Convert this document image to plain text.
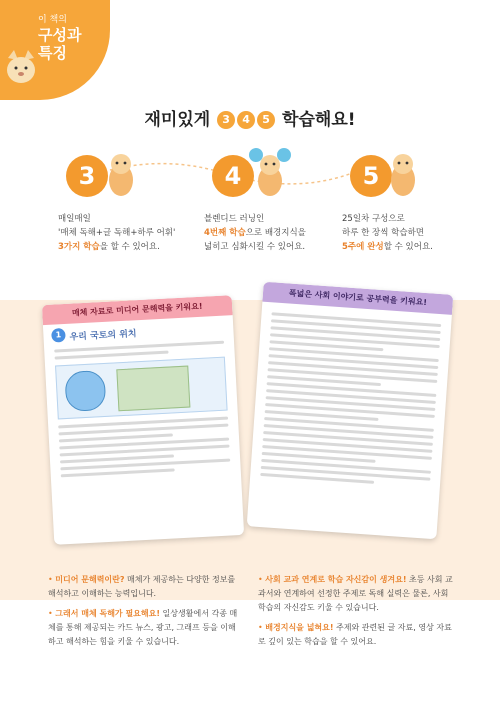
이 책의
구성과 특징
재미있게 3 4 5 학습해요!
3
매일매일
'매체 독해+글 독해+하루 어휘'
3가지 학습을 할 수 있어요.
4
블렌디드 러닝인
4번째 학습으로 배경지식을
넓히고 심화시킬 수 있어요.
5
25일차 구성으로
하루 한 장씩 학습하면
5주에 완성할 수 있어요.
매체 자료로 미디어 문해력을 키워요!
1 우리 국토의 위치
폭넓은 사회 이야기로 공부력을 키워요!

• 미디어 문해력이란? 매체가 제공하는 다양한 정보를 해석하고 이해하는 능력입니다.

• 그래서 매체 독해가 필요해요! 일상생활에서 각종 매체를 통해 제공되는 카드 뉴스, 광고, 그래프 등을 이해하고 해석하는 힘을 키울 수 있습니다.

• 사회 교과 연계로 학습 자신감이 생겨요! 초등 사회 교과서와 연계하여 선정한 주제로 독해 실력은 물론, 사회 학습의 자신감도 키울 수 있습니다.

• 배경지식을 넓혀요! 주제와 관련된 글 자료, 영상 자료로 깊이 있는 학습을 할 수 있어요.
